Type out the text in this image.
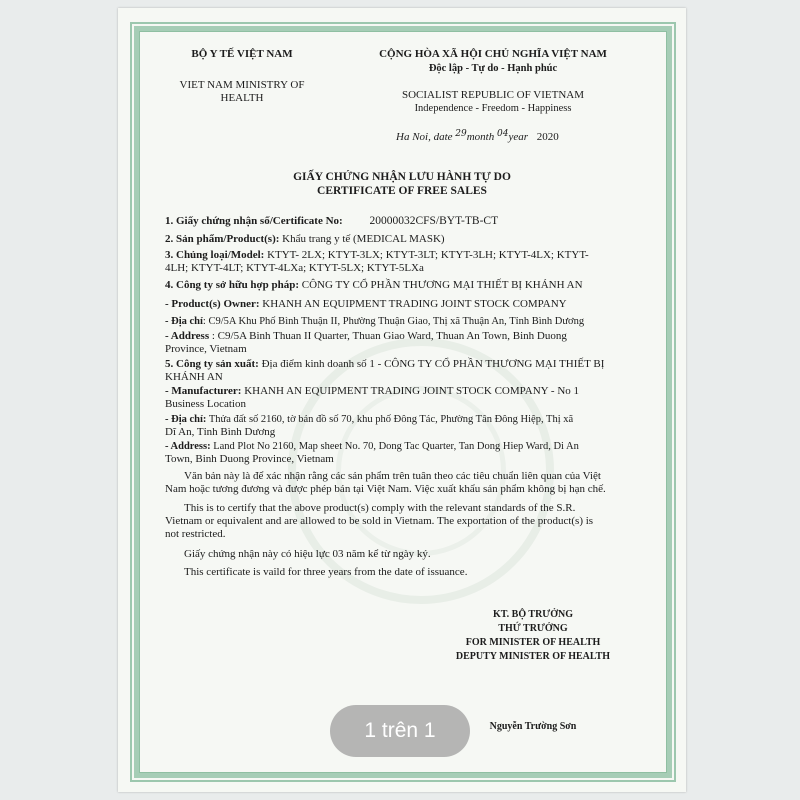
BỘ Y TẾ VIỆT NAM
VIET NAM MINISTRY OF
HEALTH
CỘNG HÒA XÃ HỘI CHỦ NGHĨA VIỆT NAM
Độc lập - Tự do - Hạnh phúc
SOCIALIST REPUBLIC OF VIETNAM
Independence - Freedom - Happiness
Ha Noi, date $^{29}$month $^{04}$year 2020
GIẤY CHỨNG NHẬN LƯU HÀNH TỰ DO
CERTIFICATE OF FREE SALES
1. Giấy chứng nhận số/Certificate No: 20000032CFS/BYT-TB-CT
2. Sản phẩm/Product(s): Khẩu trang y tế (MEDICAL MASK)
3. Chủng loại/Model: KTYT- 2LX; KTYT-3LX; KTYT-3LT; KTYT-3LH; KTYT-4LX; KTYT-
4LH; KTYT-4LT; KTYT-4LXa; KTYT-5LX; KTYT-5LXa
4. Công ty sở hữu hợp pháp: CÔNG TY CỔ PHẦN THƯƠNG MẠI THIẾT BỊ KHÁNH AN
- Product(s) Owner: KHANH AN EQUIPMENT TRADING JOINT STOCK COMPANY
- Địa chỉ: C9/5A Khu Phố Bình Thuận II, Phường Thuận Giao, Thị xã Thuận An, Tỉnh Bình Dương
- Address : C9/5A Binh Thuan II Quarter, Thuan Giao Ward, Thuan An Town, Binh Duong
Province, Vietnam
5. Công ty sản xuất: Địa điểm kinh doanh số 1 - CÔNG TY CỔ PHẦN THƯƠNG MẠI THIẾT BỊ
KHÁNH AN
- Manufacturer: KHANH AN EQUIPMENT TRADING JOINT STOCK COMPANY - No 1
Business Location
- Địa chỉ: Thửa đất số 2160, tờ bản đồ số 70, khu phố Đông Tác, Phường Tân Đông Hiệp, Thị xã
Dĩ An, Tỉnh Bình Dương
- Address: Land Plot No 2160, Map sheet No. 70, Dong Tac Quarter, Tan Dong Hiep Ward, Di An
Town, Binh Duong Province, Vietnam
Văn bản này là để xác nhận rằng các sản phẩm trên tuân theo các tiêu chuẩn liên quan của Việt
Nam hoặc tương đương và được phép bán tại Việt Nam. Việc xuất khẩu sản phẩm không bị hạn chế.
This is to certify that the above product(s) comply with the relevant standards of the S.R.
Vietnam or equivalent and are allowed to be sold in Vietnam. The exportation of the product(s) is
not restricted.
Giấy chứng nhận này có hiệu lực 03 năm kể từ ngày ký.
This certificate is vaild for three years from the date of issuance.
KT. BỘ TRƯỞNG
THỨ TRƯỞNG
FOR MINISTER OF HEALTH
DEPUTY MINISTER OF HEALTH
Nguyễn Trường Sơn
1 trên 1
